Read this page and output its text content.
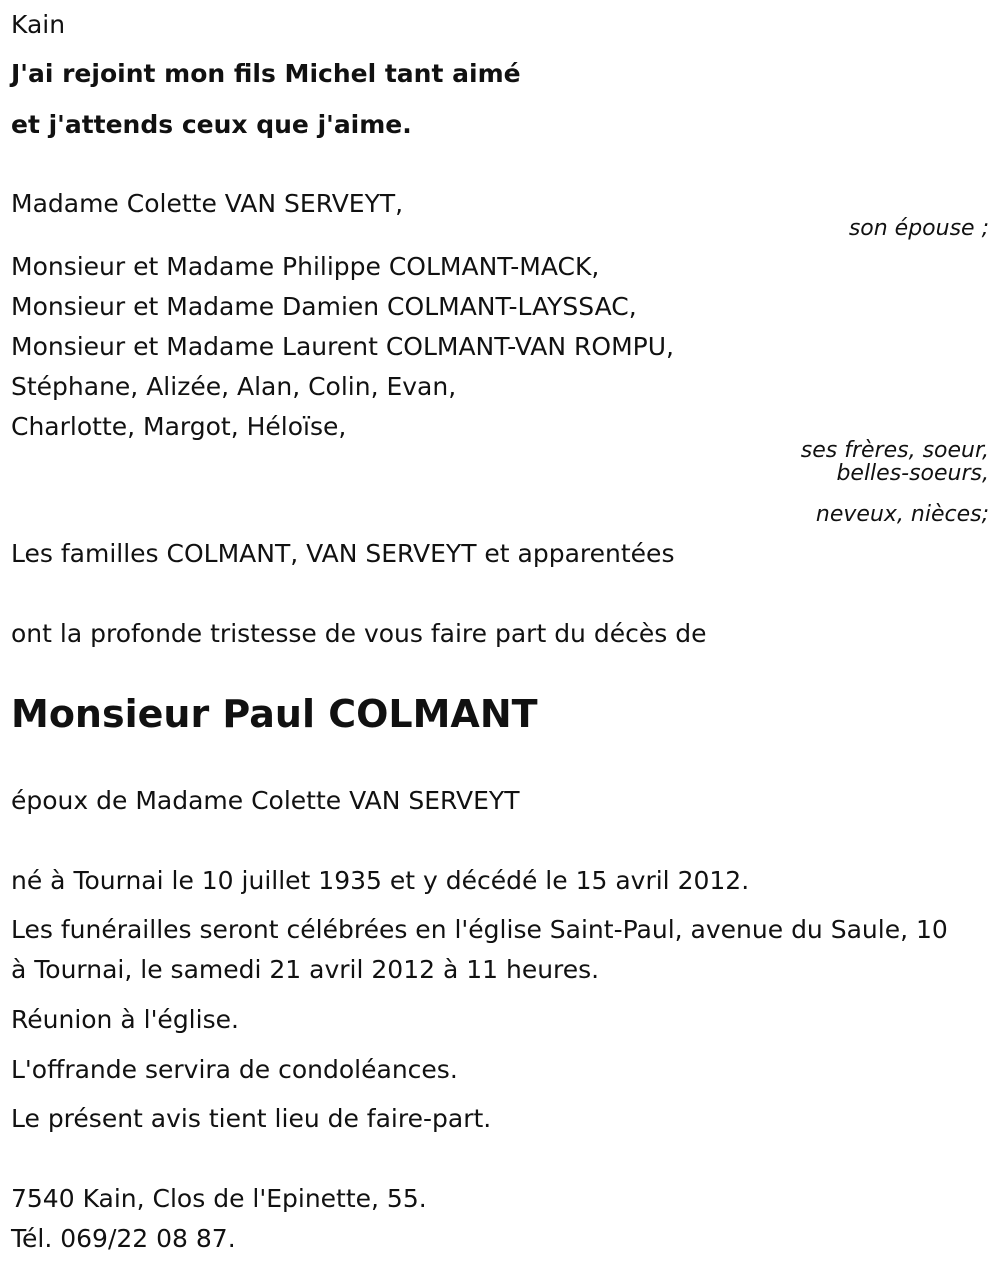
Kain
J'ai rejoint mon fils Michel tant aimé
et j'attends ceux que j'aime.
Madame Colette VAN SERVEYT,
son épouse ;
Monsieur et Madame Philippe COLMANT-MACK,
Monsieur et Madame Damien COLMANT-LAYSSAC,
Monsieur et Madame Laurent COLMANT-VAN ROMPU,
Stéphane, Alizée, Alan, Colin, Evan,
Charlotte, Margot, Héloïse,
ses frères, soeur,
belles-soeurs,
neveux, nièces;
Les familles COLMANT, VAN SERVEYT et apparentées
ont la profonde tristesse de vous faire part du décès de
Monsieur Paul COLMANT
époux de Madame Colette VAN SERVEYT
né à Tournai le 10 juillet 1935 et y décédé le 15 avril 2012.
Les funérailles seront célébrées en l'église Saint-Paul, avenue du Saule, 10
à Tournai, le samedi 21 avril 2012 à 11 heures.
Réunion à l'église.
L'offrande servira de condoléances.
Le présent avis tient lieu de faire-part.
7540 Kain, Clos de l'Epinette, 55.
Tél. 069/22 08 87.
